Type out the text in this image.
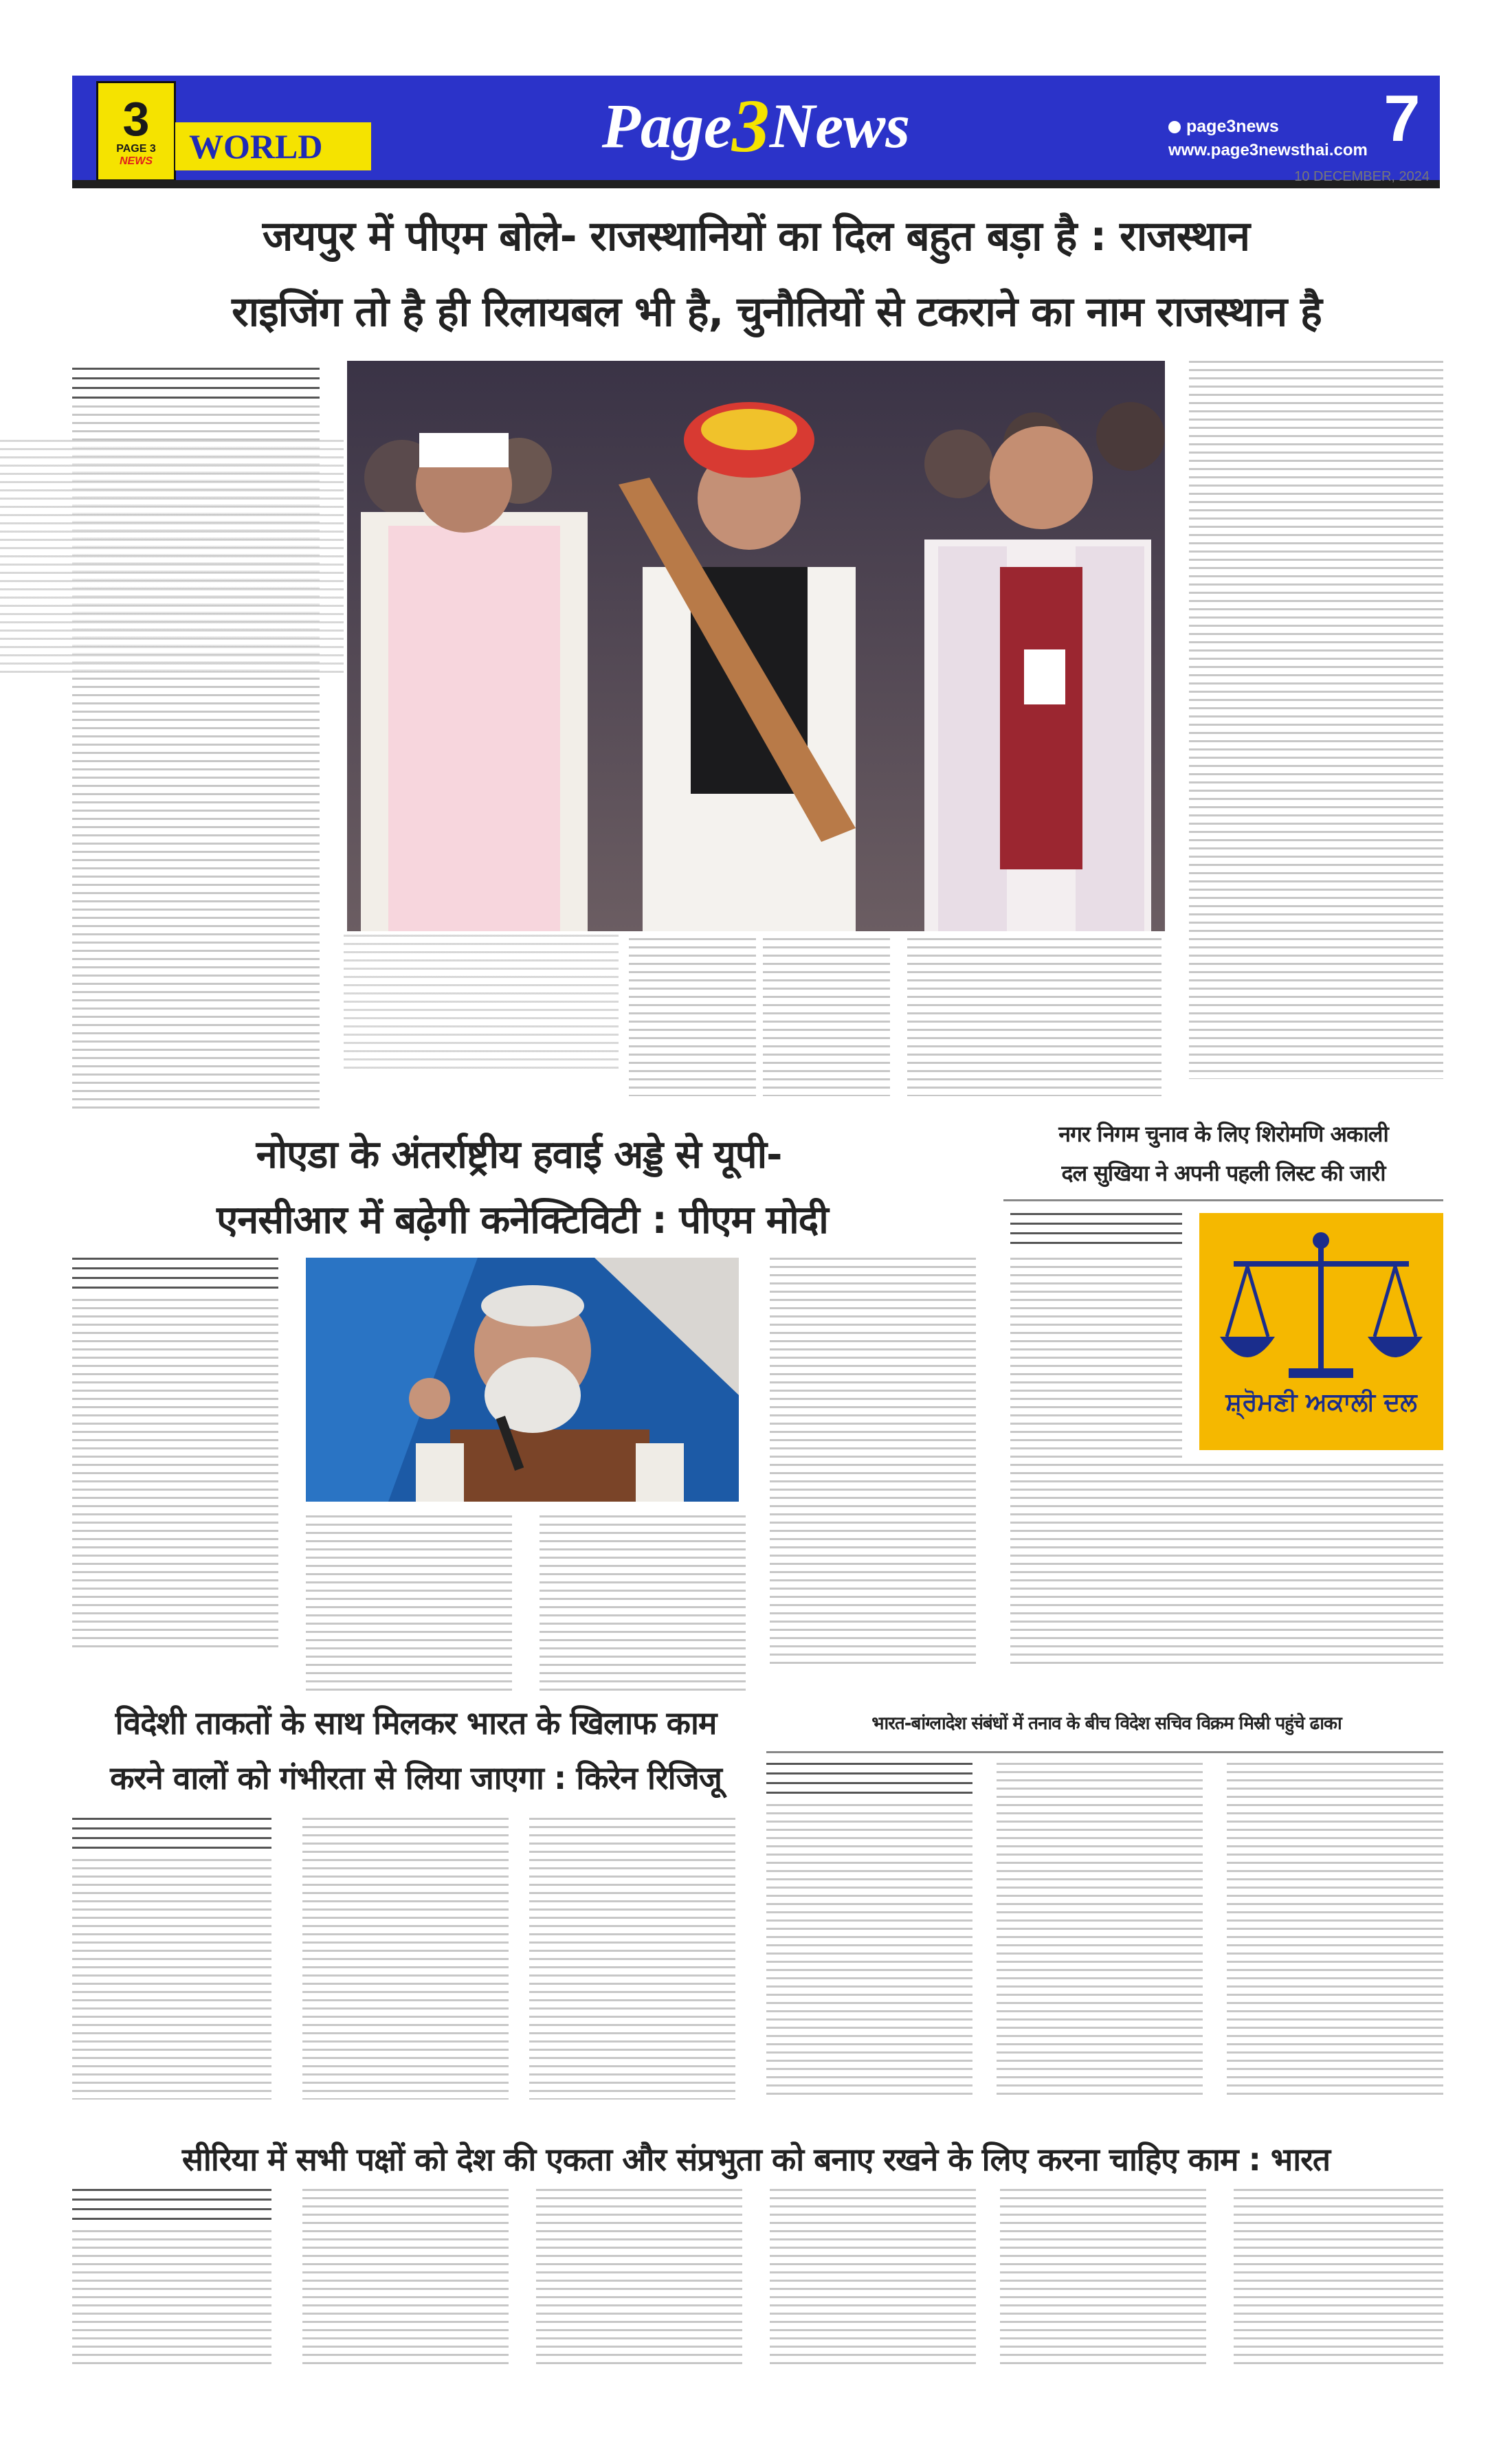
3
PAGE 3
NEWS	WORLD	Page 3 News	page3news
www.page3newsthai.com 7
10 DECEMBER, 2024
जयपुर में पीएम बोले- राजस्थानियों का दिल बहुत बड़ा है : राजस्थान
राइजिंग तो है ही रिलायबल भी है, चुनौतियों से टकराने का नाम राजस्थान है
नोएडा के अंतर्राष्ट्रीय हवाई अड्डे से यूपी-
एनसीआर में बढ़ेगी कनेक्टिविटी : पीएम मोदी
नगर निगम चुनाव के लिए शिरोमणि अकाली
दल सुखिया ने अपनी पहली लिस्ट की जारी
ਸ਼੍ਰੋਮਣੀ ਅਕਾਲੀ ਦਲ
विदेशी ताकतों के साथ मिलकर भारत के खिलाफ काम
करने वालों को गंभीरता से लिया जाएगा : किरेन रिजिजू
भारत-बांग्लादेश संबंधों में तनाव के बीच विदेश सचिव विक्रम मिस्री पहुंचे ढाका
सीरिया में सभी पक्षों को देश की एकता और संप्रभुता को बनाए रखने के लिए करना चाहिए काम : भारत
